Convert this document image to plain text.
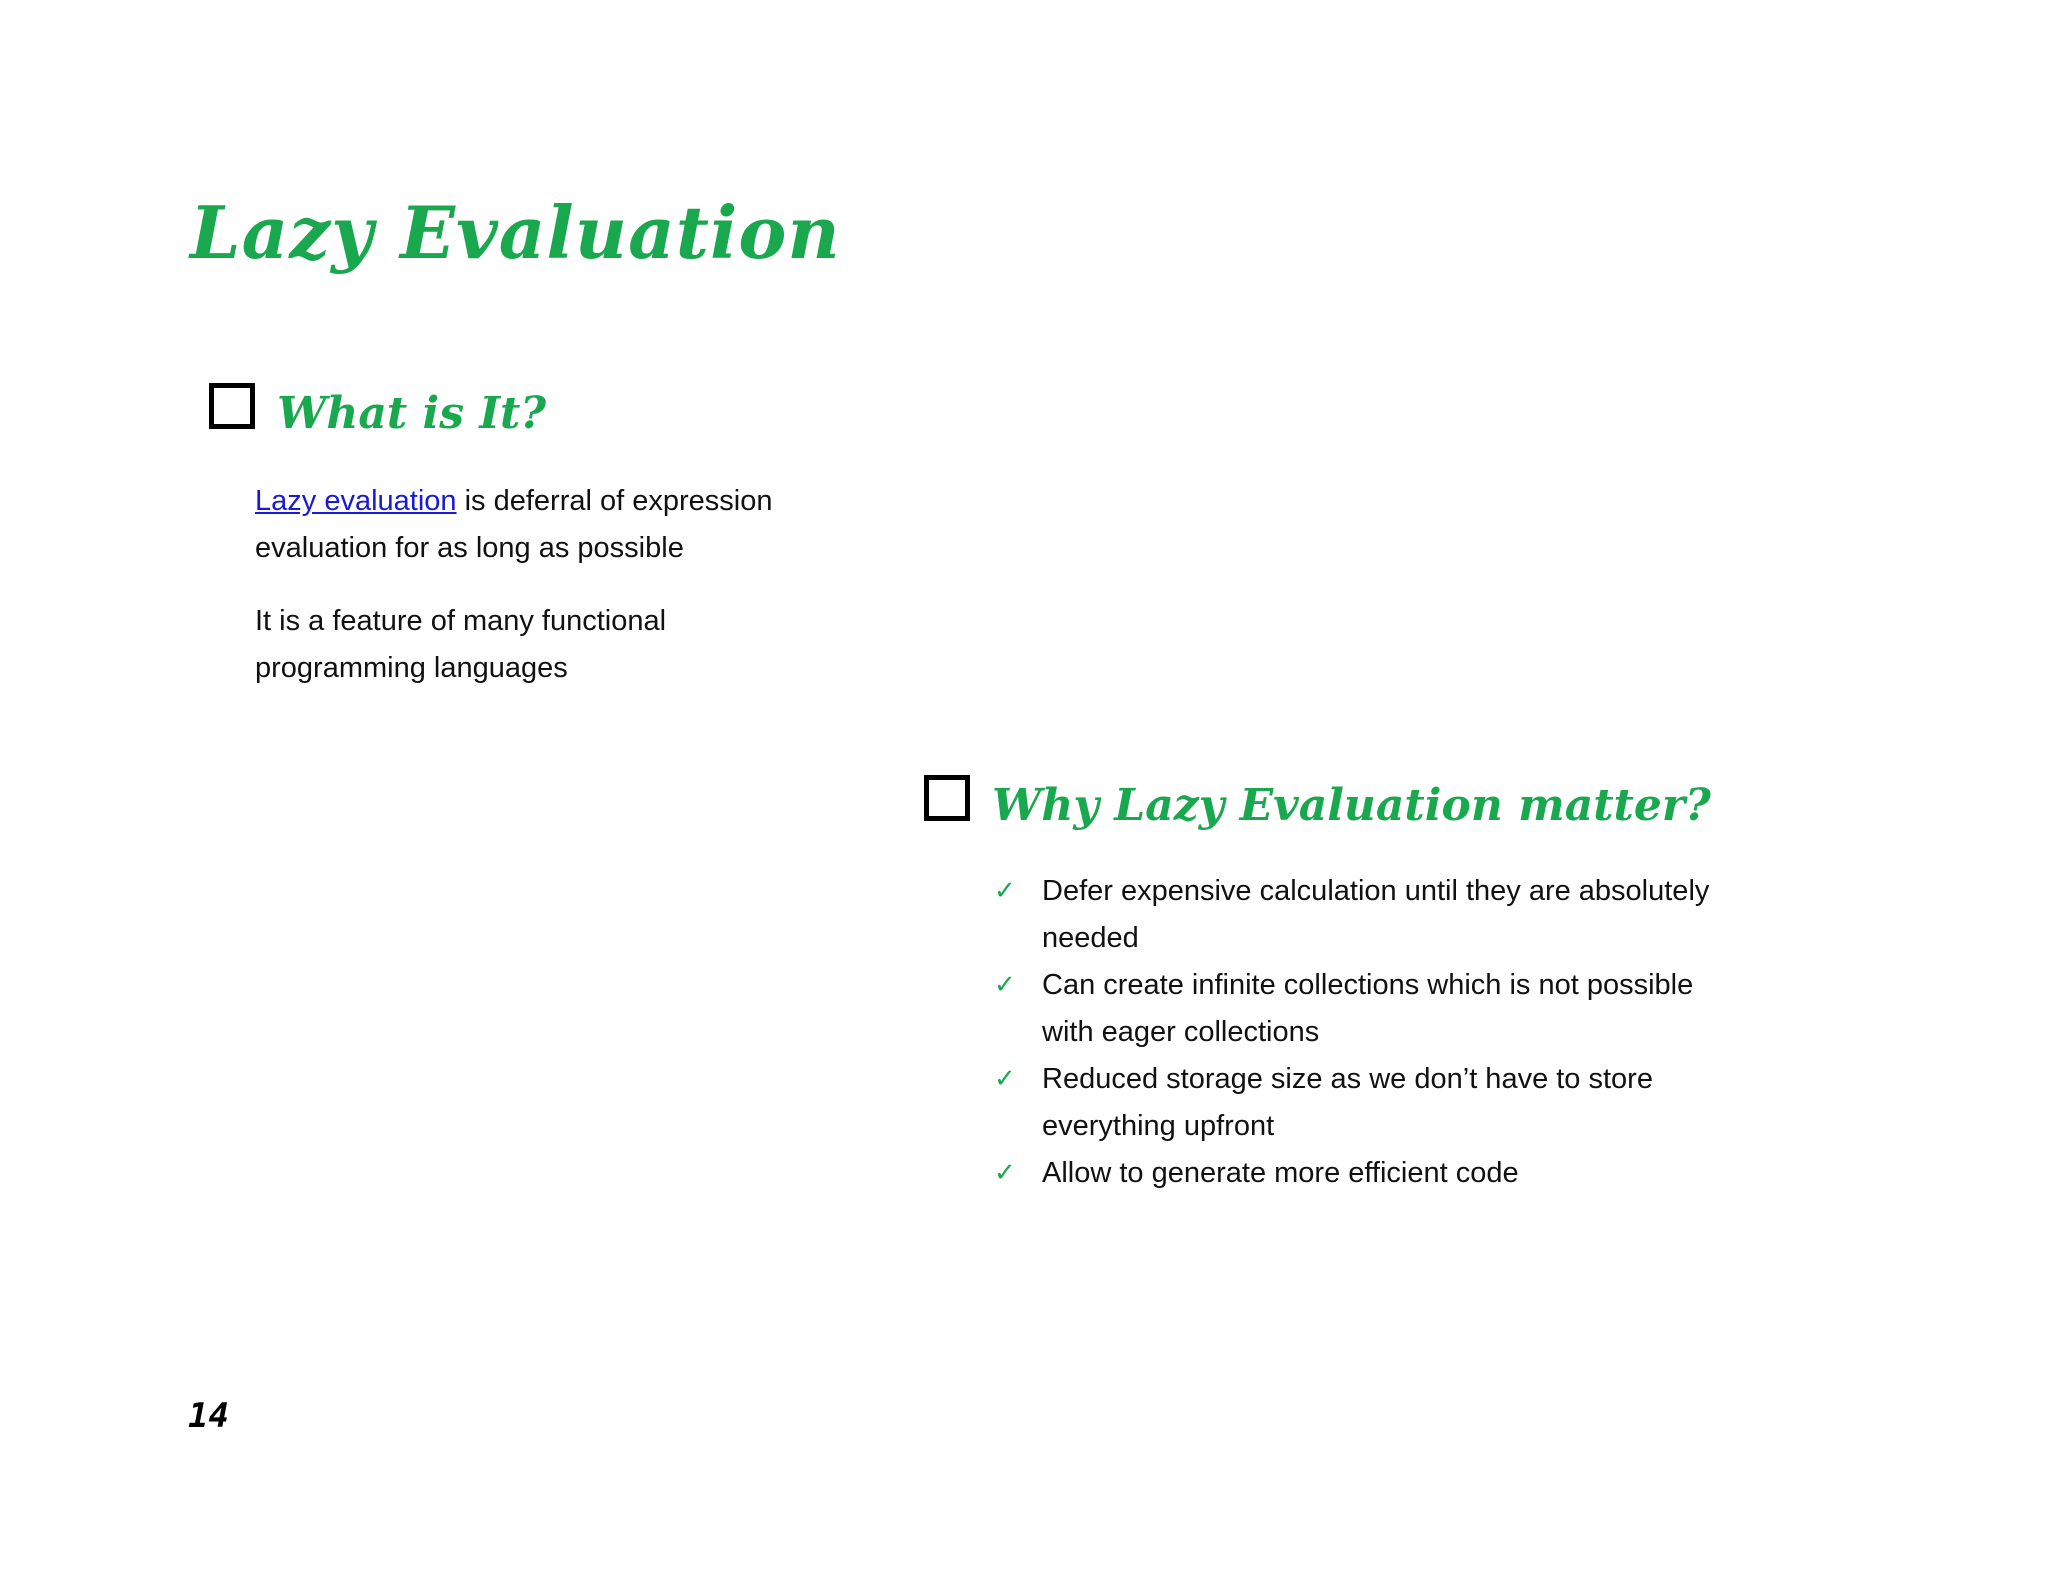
Lazy Evaluation
What is It?

Lazy evaluation is deferral of expression evaluation for as long as possible

It is a feature of many functional
programming languages

Why Lazy Evaluation matter?
✓ Defer expensive calculation until they are absolutely needed
✓ Can create infinite collections which is not possible with eager collections
✓ Reduced storage size as we don’t have to store everything upfront
✓ Allow to generate more efficient code
14
